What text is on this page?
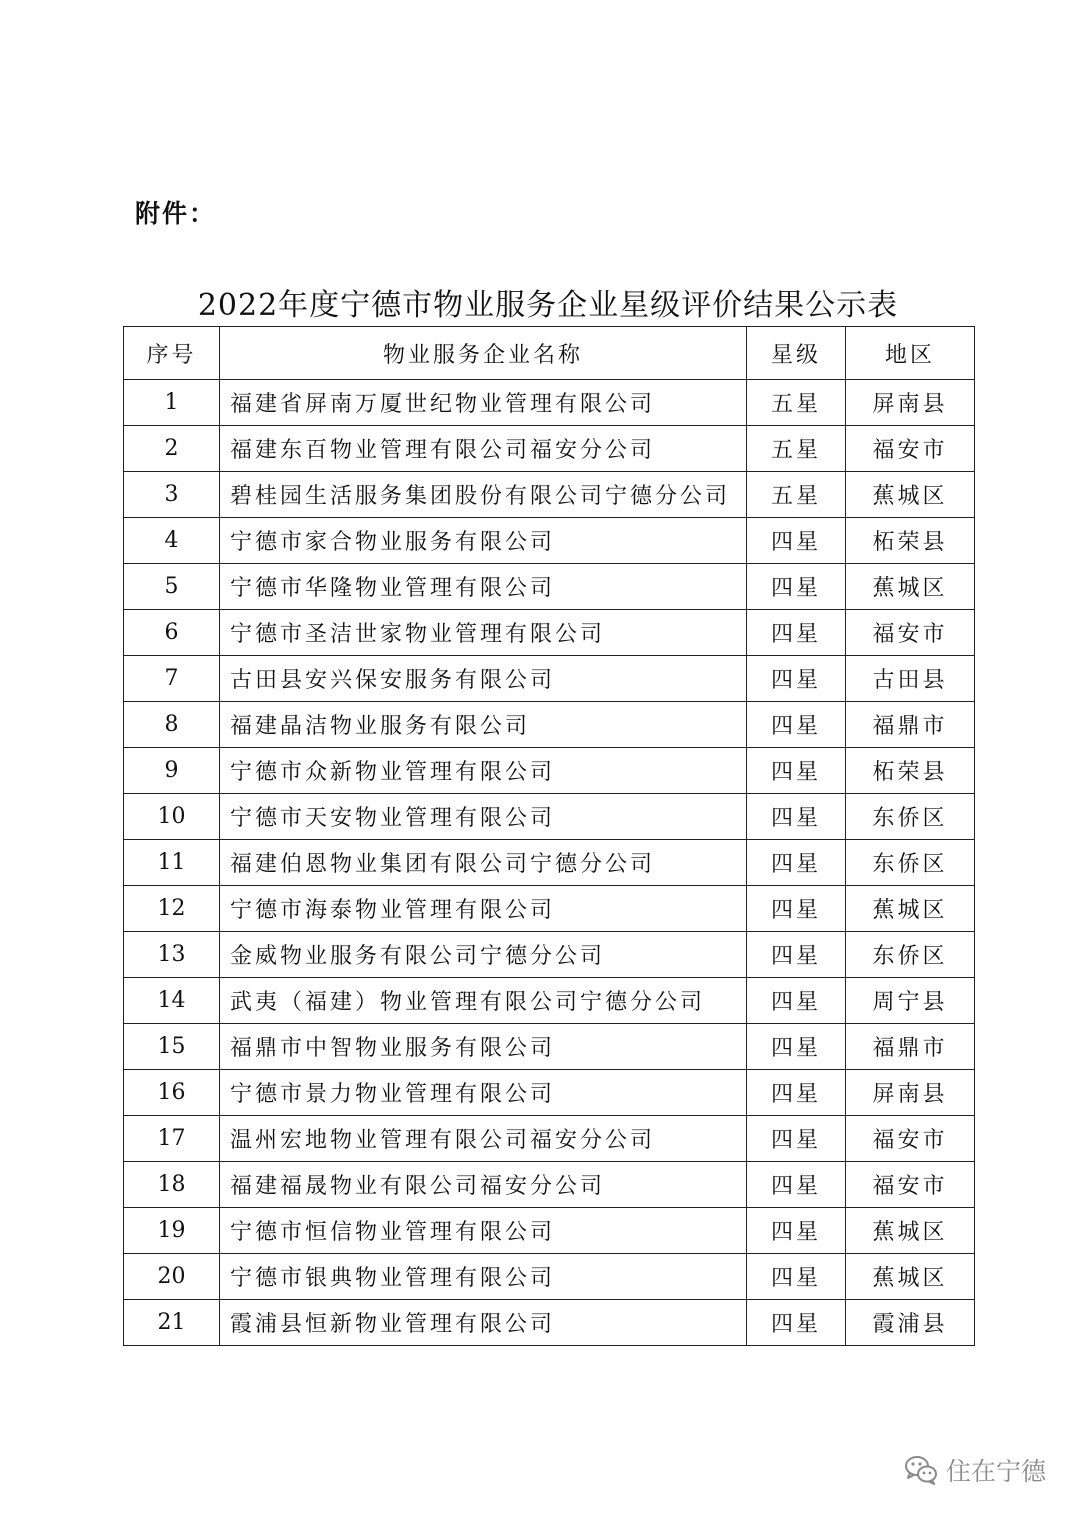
附件：
2022年度宁德市物业服务企业星级评价结果公示表
序号	物业服务企业名称	星级	地区
1	福建省屏南万厦世纪物业管理有限公司	五星	屏南县
2	福建东百物业管理有限公司福安分公司	五星	福安市
3	碧桂园生活服务集团股份有限公司宁德分公司	五星	蕉城区
4	宁德市家合物业服务有限公司	四星	柘荣县
5	宁德市华隆物业管理有限公司	四星	蕉城区
6	宁德市圣洁世家物业管理有限公司	四星	福安市
7	古田县安兴保安服务有限公司	四星	古田县
8	福建晶洁物业服务有限公司	四星	福鼎市
9	宁德市众新物业管理有限公司	四星	柘荣县
10	宁德市天安物业管理有限公司	四星	东侨区
11	福建伯恩物业集团有限公司宁德分公司	四星	东侨区
12	宁德市海泰物业管理有限公司	四星	蕉城区
13	金威物业服务有限公司宁德分公司	四星	东侨区
14	武夷（福建）物业管理有限公司宁德分公司	四星	周宁县
15	福鼎市中智物业服务有限公司	四星	福鼎市
16	宁德市景力物业管理有限公司	四星	屏南县
17	温州宏地物业管理有限公司福安分公司	四星	福安市
18	福建福晟物业有限公司福安分公司	四星	福安市
19	宁德市恒信物业管理有限公司	四星	蕉城区
20	宁德市银典物业管理有限公司	四星	蕉城区
21	霞浦县恒新物业管理有限公司	四星	霞浦县
住在宁德
